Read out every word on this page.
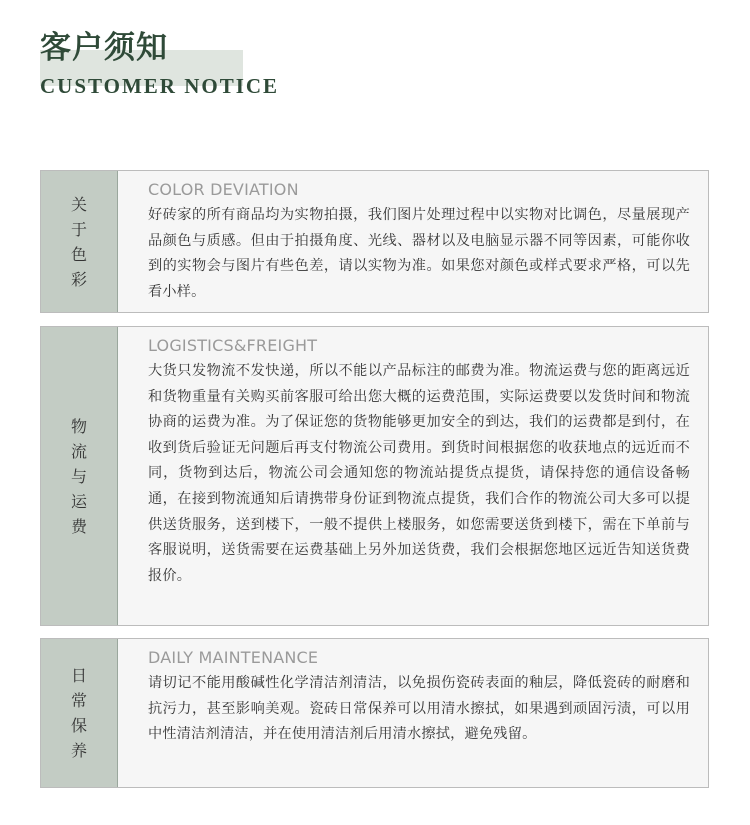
客户须知
CUSTOMER NOTICE
关于色彩
COLOR DEVIATION

好砖家的所有商品均为实物拍摄，我们图片处理过程中以实物对比调色，尽量展现产品颜色与质感。但由于拍摄角度、光线、器材以及电脑显示器不同等因素，可能你收到的实物会与图片有些色差，请以实物为准。如果您对颜色或样式要求严格，可以先看小样。

物流与运费
LOGISTICS&FREIGHT

大货只发物流不发快递，所以不能以产品标注的邮费为准。物流运费与您的距离远近和货物重量有关购买前客服可给出您大概的运费范围，实际运费要以发货时间和物流协商的运费为准。为了保证您的货物能够更加安全的到达，我们的运费都是到付，在收到货后验证无问题后再支付物流公司费用。到货时间根据您的收获地点的远近而不同，货物到达后，物流公司会通知您的物流站提货点提货，请保持您的通信设备畅通，在接到物流通知后请携带身份证到物流点提货，我们合作的物流公司大多可以提供送货服务，送到楼下，一般不提供上楼服务，如您需要送货到楼下，需在下单前与客服说明，送货需要在运费基础上另外加送货费，我们会根据您地区远近告知送货费报价。

日常保养
DAILY MAINTENANCE

请切记不能用酸碱性化学清洁剂清洁，以免损伤瓷砖表面的釉层，降低瓷砖的耐磨和抗污力，甚至影响美观。瓷砖日常保养可以用清水擦拭，如果遇到顽固污渍，可以用中性清洁剂清洁，并在使用清洁剂后用清水擦拭，避免残留。
